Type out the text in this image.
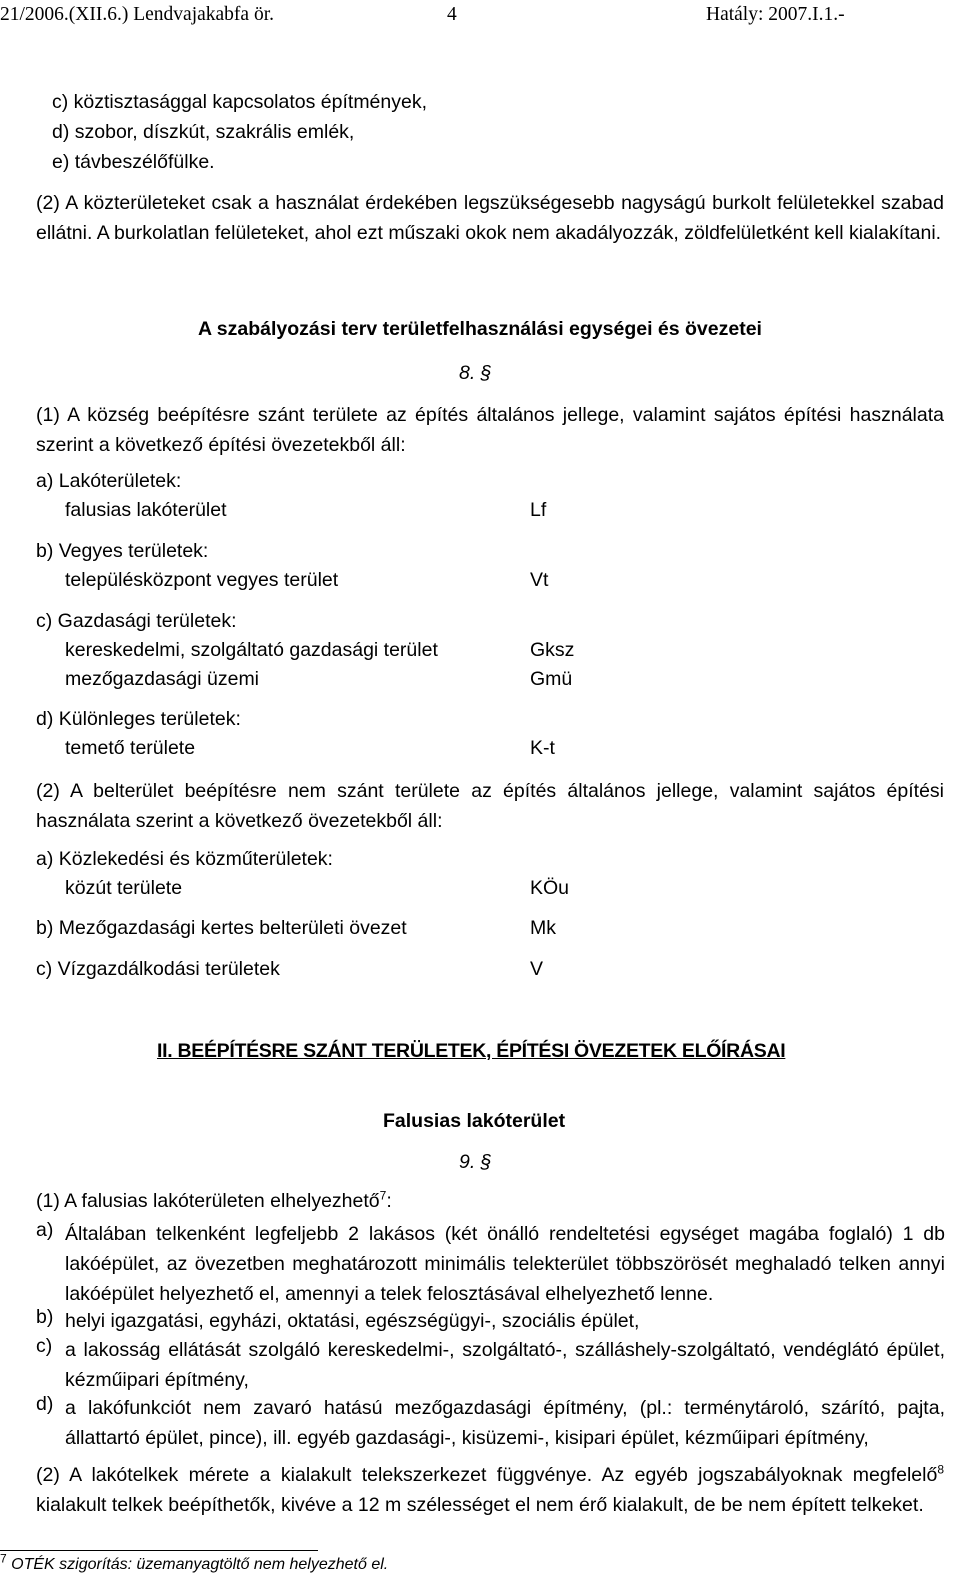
21/2006.(XII.6.) Lendvajakabfa ör.	4	Hatály: 2007.I.1.-
c) köztisztasággal kapcsolatos építmények,
d) szobor, díszkút, szakrális emlék,
e) távbeszélőfülke.
(2) A közterületeket csak a használat érdekében legszükségesebb nagyságú burkolt felületekkel szabad ellátni. A burkolatlan felületeket, ahol ezt műszaki okok nem akadályozzák, zöldfelületként kell kialakítani.
A szabályozási terv területfelhasználási egységei és övezetei
8. §
(1) A község beépítésre szánt területe az építés általános jellege, valamint sajátos építési használata szerint a következő építési övezetekből áll:
a) Lakóterületek:
falusias lakóterület	Lf
b) Vegyes területek:
településközpont vegyes terület	Vt
c) Gazdasági területek:
kereskedelmi, szolgáltató gazdasági terület	Gksz
mezőgazdasági üzemi	Gmü
d) Különleges területek:
temető területe	K-t
(2) A belterület beépítésre nem szánt területe az építés általános jellege, valamint sajátos építési használata szerint a következő övezetekből áll:
a) Közlekedési és közműterületek:
közút területe	KÖu
b) Mezőgazdasági kertes belterületi övezet	Mk
c) Vízgazdálkodási területek	V
II. BEÉPÍTÉSRE SZÁNT TERÜLETEK, ÉPÍTÉSI ÖVEZETEK ELŐÍRÁSAI
Falusias lakóterület
9. §
(1) A falusias lakóterületen elhelyezhető$^7$:
a) Általában telkenként legfeljebb 2 lakásos (két önálló rendeltetési egységet magába foglaló) 1 db lakóépület, az övezetben meghatározott minimális telekterület többszörösét meghaladó telken annyi lakóépület helyezhető el, amennyi a telek felosztásával elhelyezhető lenne.
b) helyi igazgatási, egyházi, oktatási, egészségügyi-, szociális épület,
c) a lakosság ellátását szolgáló kereskedelmi-, szolgáltató-, szálláshely-szolgáltató, vendéglátó épület, kézműipari építmény,
d) a lakófunkciót nem zavaró hatású mezőgazdasági építmény, (pl.: terménytároló, szárító, pajta, állattartó épület, pince), ill. egyéb gazdasági-, kisüzemi-, kisipari épület, kézműipari építmény,
(2) A lakótelkek mérete a kialakult telekszerkezet függvénye. Az egyéb jogszabályoknak megfelelő$^8$ kialakult telkek beépíthetők, kivéve a 12 m szélességet el nem érő kialakult, de be nem épített telkeket.
$^7$ OTÉK szigorítás: üzemanyagtöltő nem helyezhető el.
